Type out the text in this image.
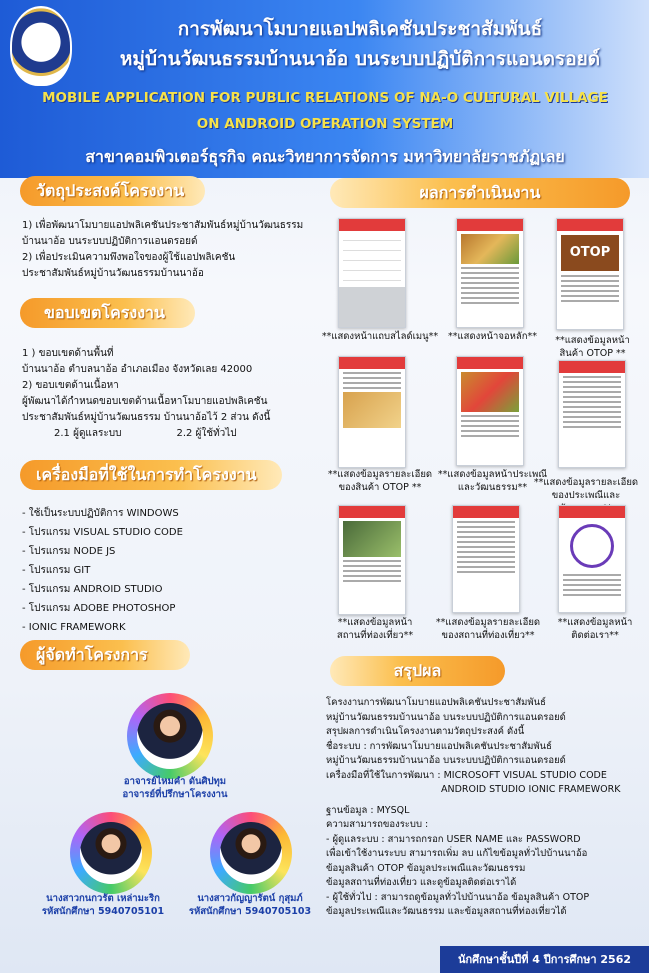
การพัฒนาโมบายแอปพลิเคชันประชาสัมพันธ์
หมู่บ้านวัฒนธรรมบ้านนาอ้อ บนระบบปฏิบัติการแอนดรอยด์
MOBILE APPLICATION FOR PUBLIC RELATIONS OF NA-O CULTURAL VILLAGE
ON ANDROID OPERATION SYSTEM
สาขาคอมพิวเตอร์ธุรกิจ คณะวิทยาการจัดการ มหาวิทยาลัยราชภัฏเลย
วัตถุประสงค์โครงงาน
1) เพื่อพัฒนาโมบายแอปพลิเคชันประชาสัมพันธ์หมู่บ้านวัฒนธรรม
บ้านนาอ้อ บนระบบปฏิบัติการแอนดรอยด์
2) เพื่อประเมินความพึงพอใจของผู้ใช้แอปพลิเคชัน
ประชาสัมพันธ์หมู่บ้านวัฒนธรรมบ้านนาอ้อ
ขอบเขตโครงงาน
1 ) ขอบเขตด้านพื้นที่
บ้านนาอ้อ ตำบลนาอ้อ อำเภอเมือง จังหวัดเลย 42000
2) ขอบเขตด้านเนื้อหา
ผู้พัฒนาได้กำหนดขอบเขตด้านเนื้อหาโมบายแอปพลิเคชัน
ประชาสัมพันธ์หมู่บ้านวัฒนธรรม บ้านนาอ้อไว้ 2 ส่วน ดังนี้
2.1 ผู้ดูแลระบบ	2.2 ผู้ใช้ทั่วไป
เครื่องมือที่ใช้ในการทำโครงงาน
- ใช้เป็นระบบปฏิบัติการ WINDOWS
- โปรแกรม VISUAL STUDIO CODE
- โปรแกรม NODE JS
- โปรแกรม GIT
- โปรแกรม ANDROID STUDIO
- โปรแกรม ADOBE PHOTOSHOP
- IONIC FRAMEWORK
ผู้จัดทำโครงการ
อาจารย์ไหมคำ ดันศิปทุม
อาจารย์ที่ปรึกษาโครงงาน
นางสาวกนกวรัต เหล่ามะริก
รหัสนักศึกษา 5940705101
นางสาวกัญญารัตน์ กุสุมภ์
รหัสนักศึกษา 5940705103
ผลการดำเนินงาน
OTOP
**แสดงหน้าแถบสไลด์เมนู**	**แสดงหน้าจอหลัก**	**แสดงข้อมูลหน้า สินค้า OTOP **
**แสดงข้อมูลรายละเอียด ของสินค้า OTOP **
**แสดงข้อมูลหน้าประเพณี และวัฒนธรรม** **แสดงข้อมูลรายละเอียด ของประเพณีและ
**แสดงข้อมูลหน้า สถานที่ท่องเที่ยว**
**แสดงข้อมูลรายละเอียด ของสถานที่ท่องเที่ยว**
**แสดงข้อมูลหน้า ติดต่อเรา**
สรุปผล
โครงงานการพัฒนาโมบายแอปพลิเคชันประชาสัมพันธ์
หมู่บ้านวัฒนธรรมบ้านนาอ้อ บนระบบปฏิบัติการแอนดรอยด์
สรุปผลการดำเนินโครงงานตามวัตถุประสงค์ ดังนี้
ชื่อระบบ : การพัฒนาโมบายแอปพลิเคชันประชาสัมพันธ์
หมู่บ้านวัฒนธรรมบ้านนาอ้อ บนระบบปฏิบัติการแอนดรอยด์
เครื่องมือที่ใช้ในการพัฒนา : MICROSOFT VISUAL STUDIO CODE
ANDROID STUDIO IONIC FRAMEWORK
ฐานข้อมูล : MYSQL
ความสามารถของระบบ :
- ผู้ดูแลระบบ : สามารถกรอก USER NAME และ PASSWORD
เพื่อเข้าใช้งานระบบ สามารถเพิ่ม ลบ แก้ไขข้อมูลทั่วไปบ้านนาอ้อ
ข้อมูลสินค้า OTOP ข้อมูลประเพณีและวัฒนธรรม
ข้อมูลสถานที่ท่องเที่ยว และดูข้อมูลติดต่อเราได้
- ผู้ใช้ทั่วไป : สามารถดูข้อมูลทั่วไปบ้านนาอ้อ ข้อมูลสินค้า OTOP
ข้อมูลประเพณีและวัฒนธรรม และข้อมูลสถานที่ท่องเที่ยวได้
นักศึกษาชั้นปีที่ 4 ปีการศึกษา 2562
